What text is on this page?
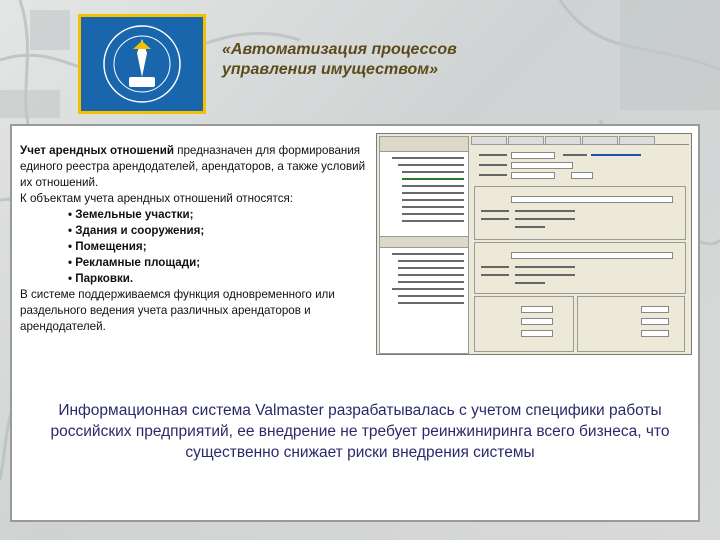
«Автоматизация процессов
управления имуществом»

Учет арендных отношений предназначен для формирования единого реестра арендодателей, арендаторов, а также условий их отношений.

К объектам учета арендных отношений относятся:

• Земельные участки;
• Здания и сооружения;
• Помещения;
• Рекламные площади;
• Парковки.

В системе поддерживаемся функция одновременного или раздельного ведения учета различных арендаторов и арендодателей.

Информационная система Valmaster разрабатывалась с учетом специфики работы российских предприятий, ее внедрение не требует реинжиниринга всего бизнеса, что существенно снижает риски внедрения системы
